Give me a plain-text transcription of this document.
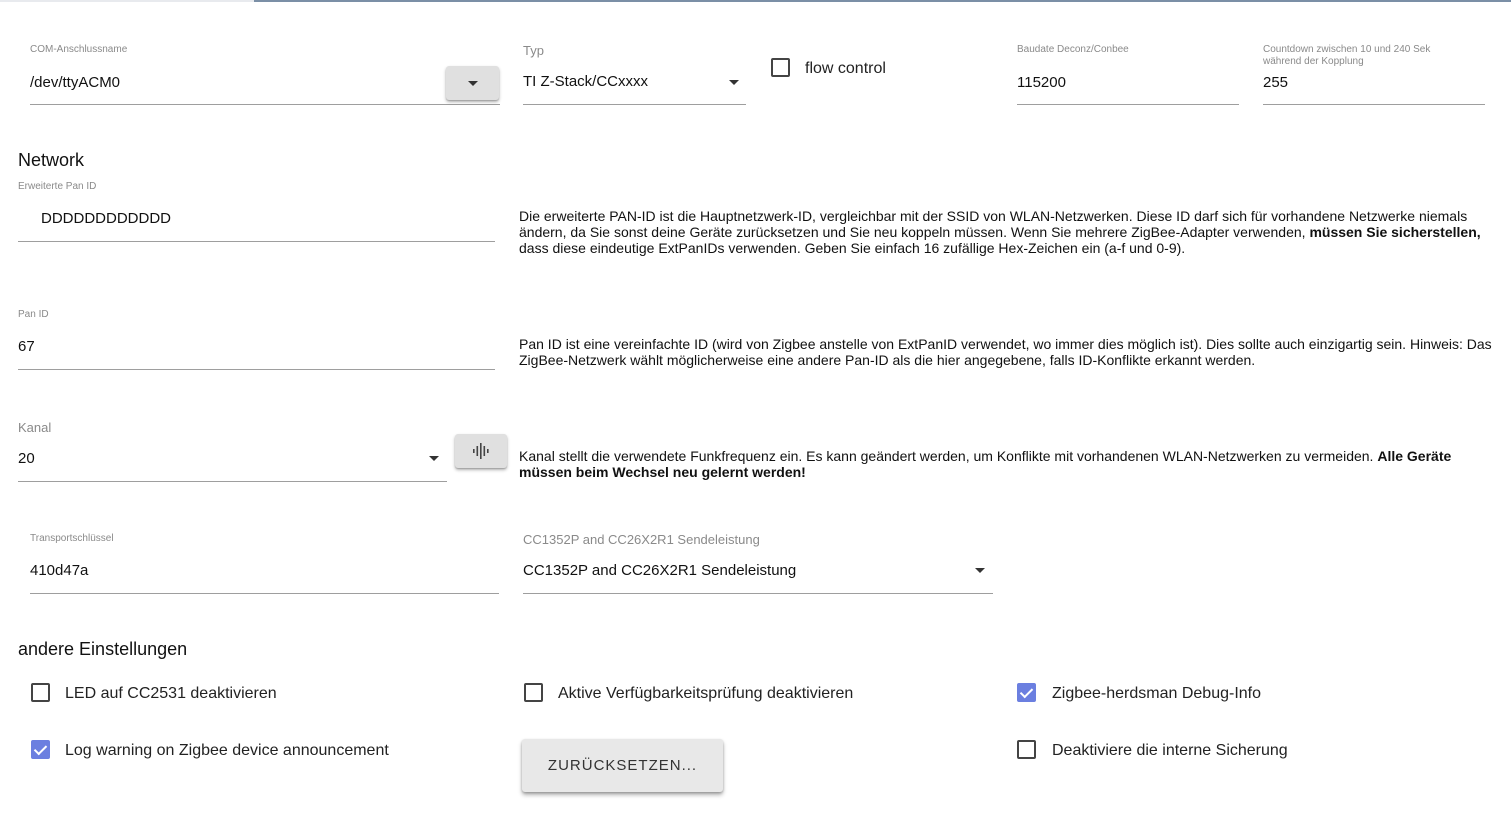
COM-Anschlussname
/dev/ttyACM0
Typ
TI Z-Stack/CCxxxx
flow control
Baudate Deconz/Conbee
115200
Countdown zwischen 10 und 240 Sek
während der Kopplung
255
Network
Erweiterte Pan ID
DDDDDDDDDDDD	Die erweiterte PAN-ID ist die Hauptnetzwerk-ID, vergleichbar mit der SSID von WLAN-Netzwerken. Diese ID darf sich für vorhandene Netzwerke niemals ändern, da Sie sonst deine Geräte zurücksetzen und Sie neu koppeln müssen. Wenn Sie mehrere ZigBee-Adapter verwenden, müssen Sie sicherstellen, dass diese eindeutige ExtPanIDs verwenden. Geben Sie einfach 16 zufällige Hex-Zeichen ein (a-f und 0-9).
Pan ID
67	Pan ID ist eine vereinfachte ID (wird von Zigbee anstelle von ExtPanID verwendet, wo immer dies möglich ist). Dies sollte auch einzigartig sein. Hinweis: Das ZigBee-Netzwerk wählt möglicherweise eine andere Pan-ID als die hier angegebene, falls ID-Konflikte erkannt werden.
Kanal
20	Kanal stellt die verwendete Funkfrequenz ein. Es kann geändert werden, um Konflikte mit vorhandenen WLAN-Netzwerken zu vermeiden. Alle Geräte müssen beim Wechsel neu gelernt werden!
Transportschlüssel
410d47a
CC1352P and CC26X2R1 Sendeleistung
CC1352P and CC26X2R1 Sendeleistung
andere Einstellungen
LED auf CC2531 deaktivieren	Aktive Verfügbarkeitsprüfung deaktivieren	Zigbee-herdsman Debug-Info
Log warning on Zigbee device announcement
ZURÜCKSETZEN...
Deaktiviere die interne Sicherung
